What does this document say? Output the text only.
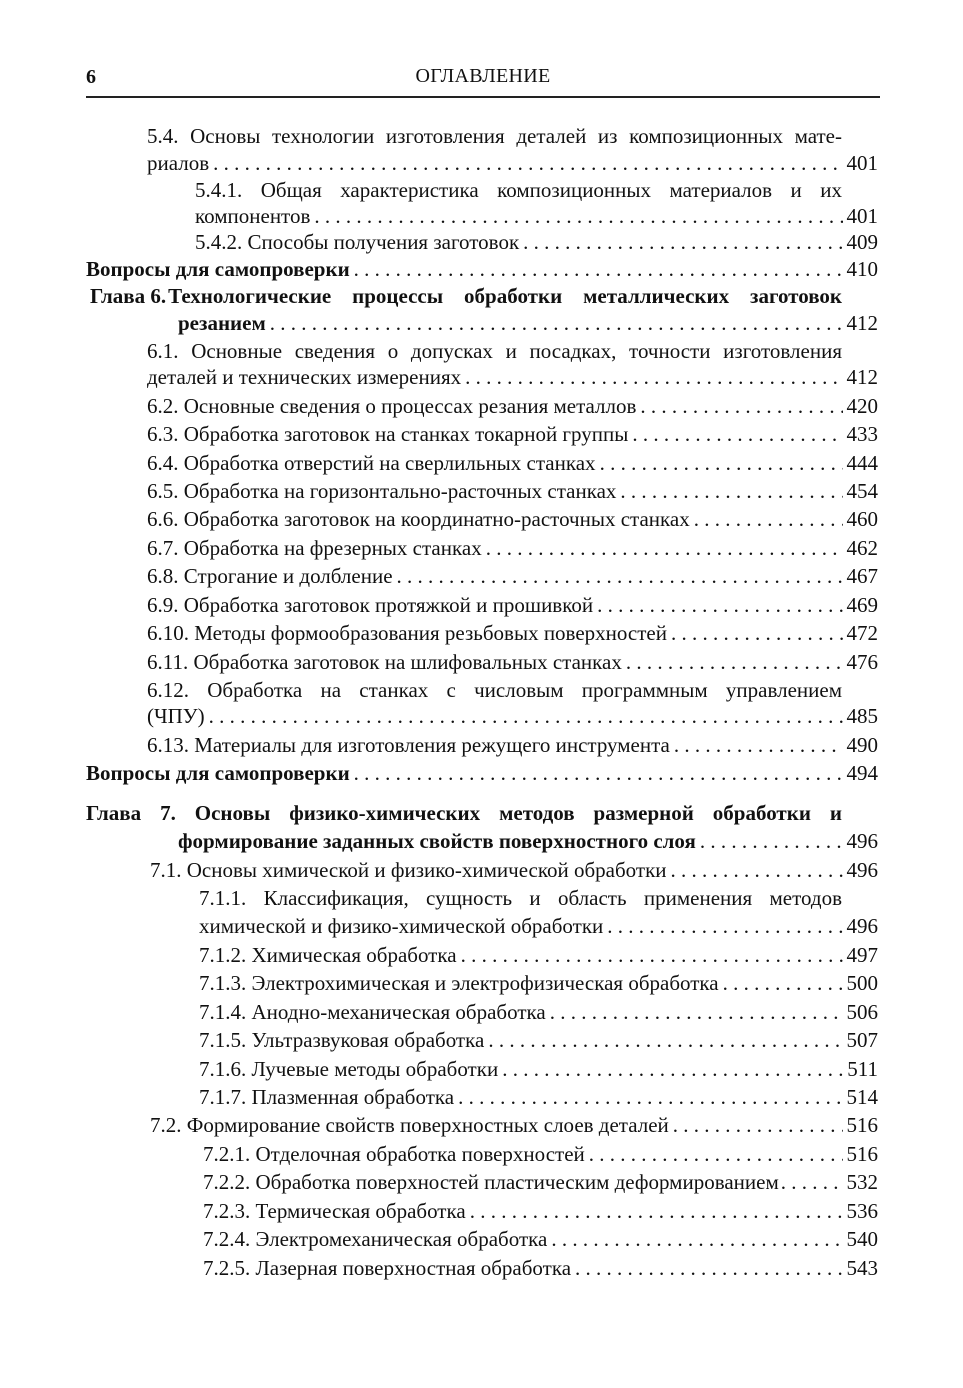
6	ОГЛАВЛЕНИЕ
5.4. Основы технологии изготовления деталей из композиционных мате-
риалов . . .	401
5.4.1. Общая характеристика композиционных материалов и их
компонентов . . .	401
5.4.2. Способы получения заготовок . . .	409
Вопросы для самопроверки . . .	410
Глава 6. Технологические процессы обработки металлических заготовок
резанием . . .	412
6.1. Основные сведения о допусках и посадках, точности изготовления
деталей и технических измерениях . . .	412
6.2. Основные сведения о процессах резания металлов . . .	420
6.3. Обработка заготовок на станках токарной группы . . .	433
6.4. Обработка отверстий на сверлильных станках . . .	444
6.5. Обработка на горизонтально-расточных станках . . .	454
6.6. Обработка заготовок на координатно-расточных станках . . .	460
6.7. Обработка на фрезерных станках . . .	462
6.8. Строгание и долбление . . .	467
6.9. Обработка заготовок протяжкой и прошивкой . . .	469
6.10. Методы формообразования резьбовых поверхностей . . .	472
6.11. Обработка заготовок на шлифовальных станках . . .	476
6.12. Обработка на станках с числовым программным управлением
(ЧПУ) . . .	485
6.13. Материалы для изготовления режущего инструмента . . .	490
Вопросы для самопроверки . . .	494
Глава 7. Основы физико-химических методов размерной обработки и
формирование заданных свойств поверхностного слоя . . .	496
7.1. Основы химической и физико-химической обработки . . .	496
7.1.1. Классификация, сущность и область применения методов
химической и физико-химической обработки . . .	496
7.1.2. Химическая обработка . . .	497
7.1.3. Электрохимическая и электрофизическая обработка . . .	500
7.1.4. Анодно-механическая обработка . . .	506
7.1.5. Ультразвуковая обработка . . .	507
7.1.6. Лучевые методы обработки . . .	511
7.1.7. Плазменная обработка . . .	514
7.2. Формирование свойств поверхностных слоев деталей . . .	516
7.2.1. Отделочная обработка поверхностей . . .	516
7.2.2. Обработка поверхностей пластическим деформированием . . .	532
7.2.3. Термическая обработка . . .	536
7.2.4. Электромеханическая обработка . . .	540
7.2.5. Лазерная поверхностная обработка . . .	543
